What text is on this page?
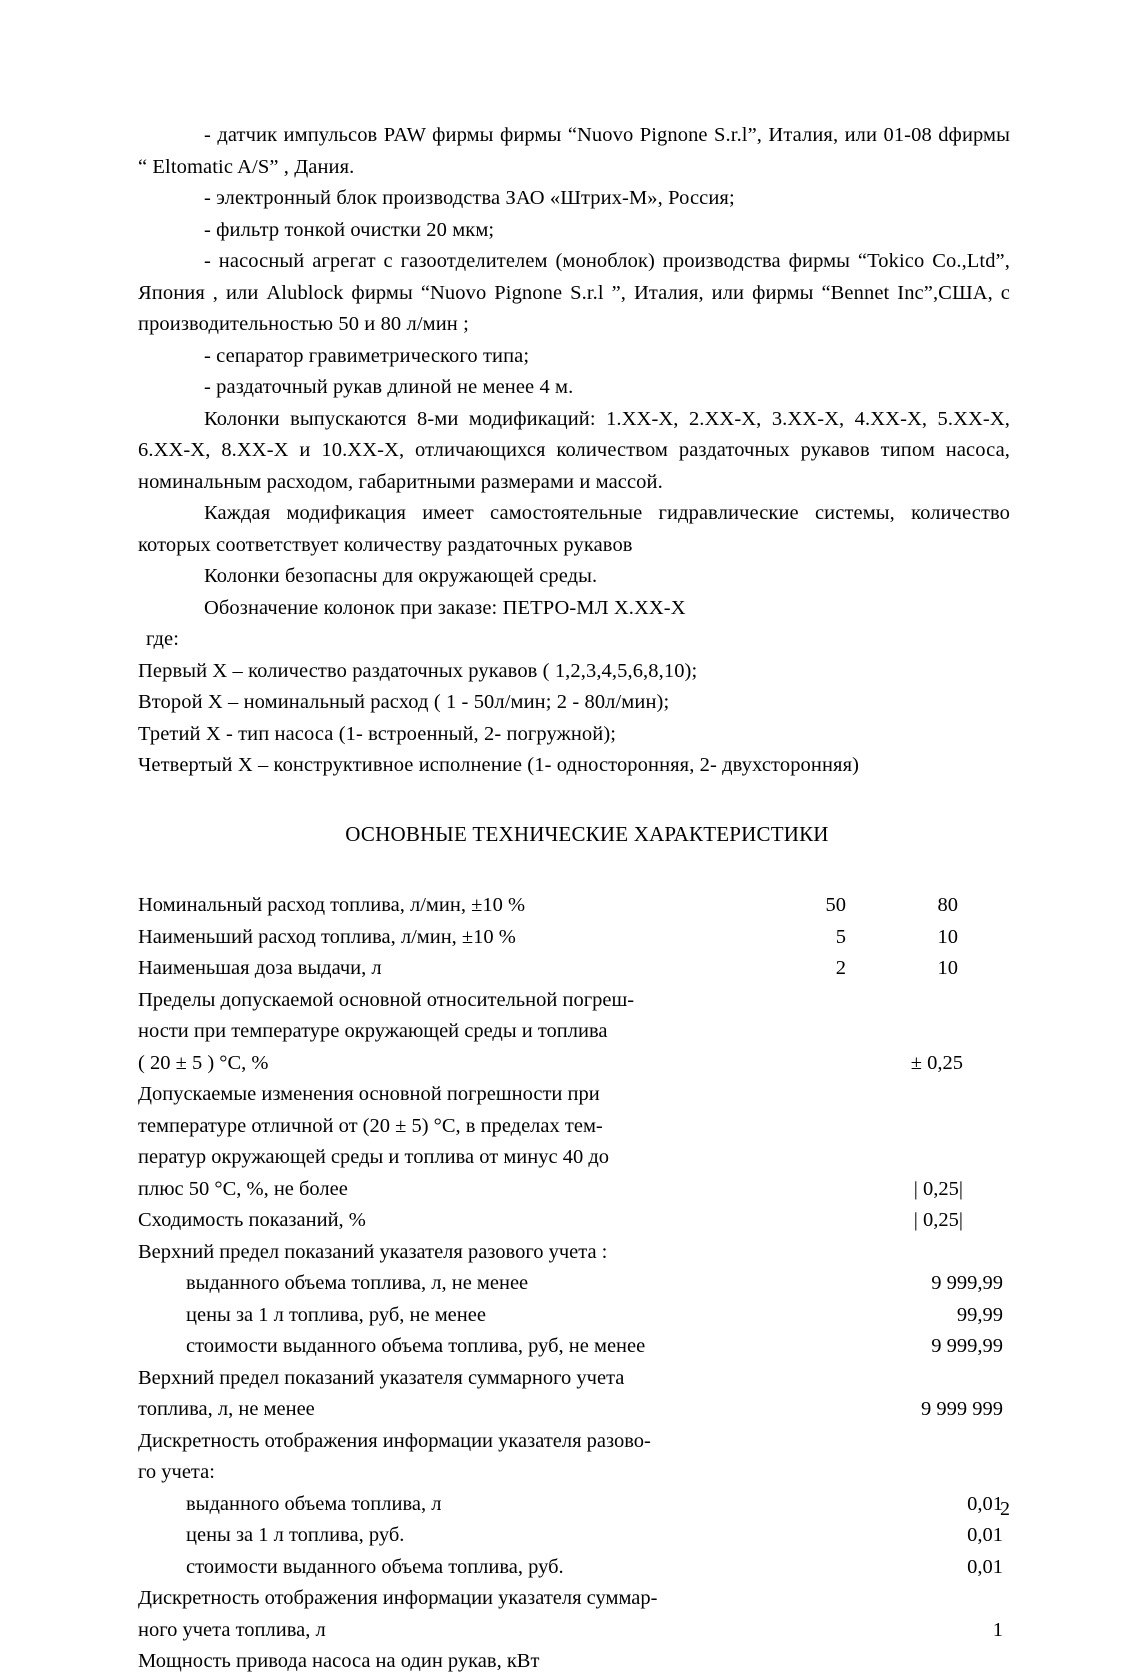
- датчик импульсов PAW фирмы фирмы “Nuovo Pignone S.r.l”, Италия, или 01-08 dфирмы “ Eltomatic A/S” , Дания.

- электронный блок производства ЗАО «Штрих-М», Россия;

- фильтр тонкой очистки 20 мкм;

- насосный агрегат с газоотделителем (моноблок) производства фирмы “Tokico Co.,Ltd”, Япония , или Alublock фирмы “Nuovo Pignone S.r.l ”, Италия, или фирмы “Bennet Inc”,США, с производительностью 50 и 80 л/мин ;

- сепаратор гравиметрического типа;

- раздаточный рукав длиной не менее 4 м.

Колонки выпускаются 8-ми модификаций: 1.XX-X, 2.XX-X, 3.XX-X, 4.XX-X, 5.XX-X, 6.XX-X, 8.XX-X и 10.XX-X, отличающихся количеством раздаточных рукавов типом насоса, номинальным расходом, габаритными размерами и массой.

Каждая модификация имеет самостоятельные гидравлические системы, количество которых соответствует количеству раздаточных рукавов

Колонки безопасны для окружающей среды.

Обозначение колонок при заказе: ПЕТРО-МЛ X.XX-X

где:

Первый X – количество раздаточных рукавов ( 1,2,3,4,5,6,8,10);

Второй X – номинальный расход ( 1 - 50л/мин; 2 - 80л/мин);

Третий X - тип насоса (1- встроенный, 2- погружной);

Четвертый X – конструктивное исполнение (1- односторонняя, 2- двухсторонняя)

ОСНОВНЫЕ ТЕХНИЧЕСКИЕ ХАРАКТЕРИСТИКИ

Номинальный расход топлива, л/мин, ±10 %	50	80
Наименьший расход топлива, л/мин, ±10 %	5	10
Наименьшая доза выдачи, л	2	10
Пределы допускаемой основной относительной погреш-
ности при температуре окружающей среды и топлива
( 20 ± 5 ) °C, %	± 0,25
Допускаемые изменения основной погрешности при
температуре отличной от (20 ± 5) °C, в пределах тем-
ператур окружающей среды и топлива от минус 40 до
плюс 50 °C, %, не более	| 0,25|
Сходимость показаний, %	| 0,25|
Верхний предел показаний указателя разового учета :
выданного объема топлива, л, не менее	9 999,99
цены за 1 л топлива, руб, не менее	99,99
стоимости выданного объема топлива, руб, не менее	9 999,99
Верхний предел показаний указателя суммарного учета
топлива, л, не менее	9 999 999
Дискретность отображения информации указателя разово-
го учета:
выданного объема топлива, л	0,01
цены за 1 л топлива, руб.	0,01
стоимости выданного объема топлива, руб.	0,01
Дискретность отображения информации указателя суммар-
ного учета топлива, л	1
Мощность привода насоса на один рукав, кВт
2
